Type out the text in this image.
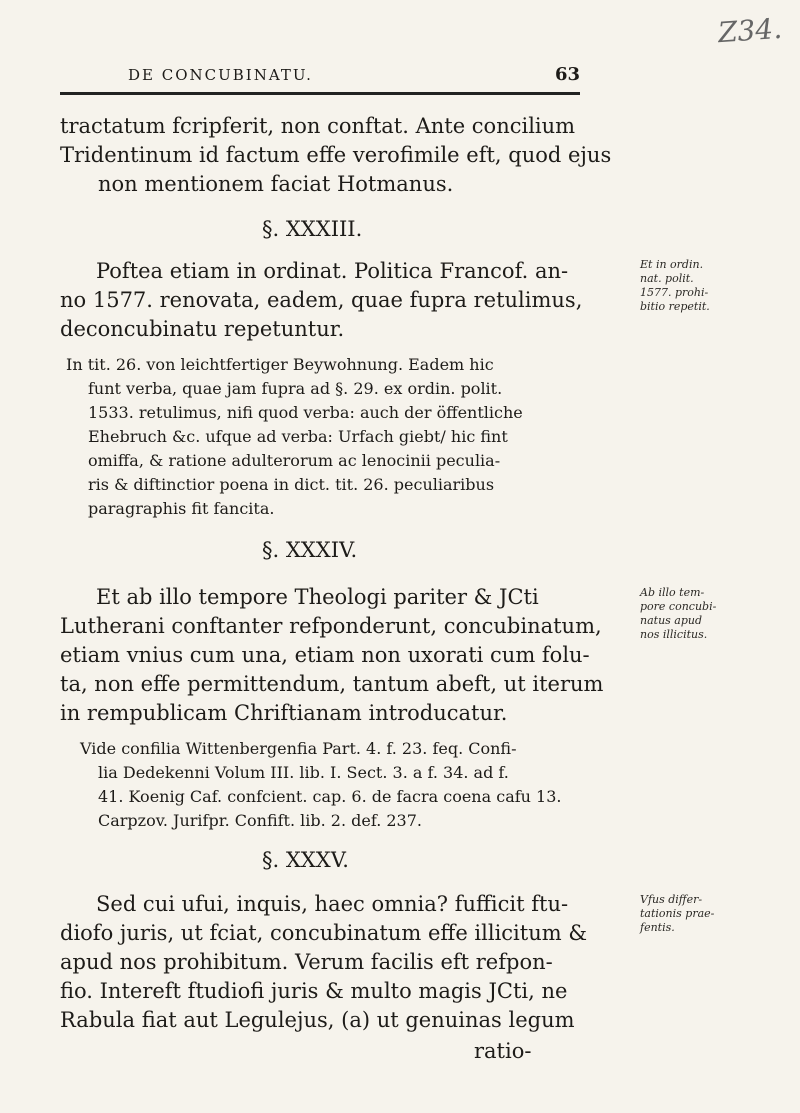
Z34.
DE CONCUBINATU.	63
tractatum fcripferit, non conftat. Ante concilium
Tridentinum id factum effe verofimile eft, quod ejus
non mentionem faciat Hotmanus.
§. XXXIII.
Poftea etiam in ordinat. Politica Francof. an-
no 1577. renovata, eadem, quae fupra retulimus,
deconcubinatu repetuntur.
In tit. 26. von leichtfertiger Beywohnung. Eadem hic
funt verba, quae jam fupra ad §. 29. ex ordin. polit.
1533. retulimus, nifi quod verba: auch der öffentliche
Ehebruch &c. ufque ad verba: Urfach giebt/ hic fint
omiffa, & ratione adulterorum ac lenocinii peculia-
ris & diftinctior poena in dict. tit. 26. peculiaribus
paragraphis fit fancita.
§. XXXIV.
Et ab illo tempore Theologi pariter & JCti
Lutherani conftanter refponderunt, concubinatum,
etiam vnius cum una, etiam non uxorati cum folu-
ta, non effe permittendum, tantum abeft, ut iterum
in rempublicam Chriftianam introducatur.
Vide confilia Wittenbergenfia Part. 4. f. 23. feq. Confi-
lia Dedekenni Volum III. lib. I. Sect. 3. a f. 34. ad f.
41. Koenig Caf. confcient. cap. 6. de facra coena cafu 13.
Carpzov. Jurifpr. Confift. lib. 2. def. 237.
§. XXXV.
Sed cui ufui, inquis, haec omnia? fufficit ftu-
diofo juris, ut fciat, concubinatum effe illicitum &
apud nos prohibitum. Verum facilis eft refpon-
fio. Intereft ftudiofi juris & multo magis JCti, ne
Rabula fiat aut Legulejus, (a) ut genuinas legum
ratio-
Et in ordin.
nat. polit.
1577. prohi-
bitio repetit.
Ab illo tem-
pore concubi-
natus apud
nos illicitus.
Vfus differ-
tationis prae-
fentis.
